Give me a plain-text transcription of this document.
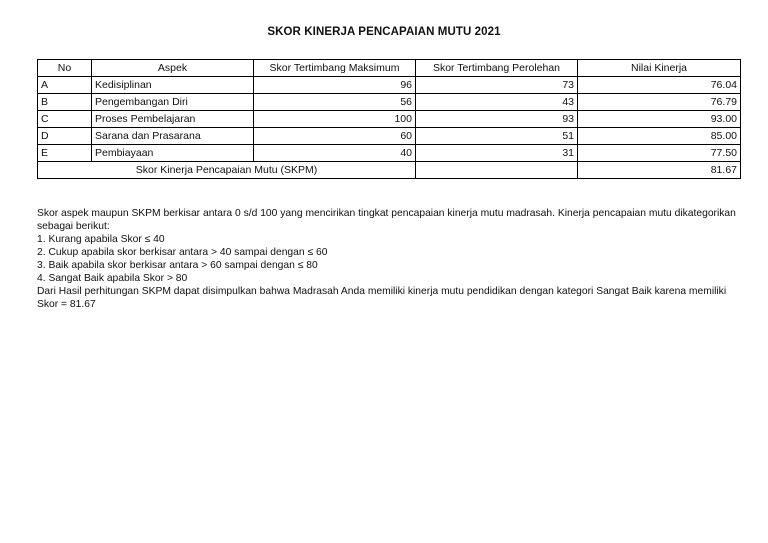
SKOR KINERJA PENCAPAIAN MUTU 2021
No	Aspek	Skor Tertimbang Maksimum	Skor Tertimbang Perolehan	Nilai Kinerja
A	Kedisiplinan	96	73	76.04
B	Pengembangan Diri	56	43	76.79
C	Proses Pembelajaran	100	93	93.00
D	Sarana dan Prasarana	60	51	85.00
E	Pembiayaan	40	31	77.50
Skor Kinerja Pencapaian Mutu (SKPM)				81.67

Skor aspek maupun SKPM berkisar antara 0 s/d 100 yang mencirikan tingkat pencapaian kinerja mutu madrasah. Kinerja pencapaian mutu dikategorikan sebagai berikut:

1. Kurang apabila Skor ≤ 40

2. Cukup apabila skor berkisar antara > 40 sampai dengan ≤ 60

3. Baik apabila skor berkisar antara > 60 sampai dengan ≤ 80

4. Sangat Baik apabila Skor > 80

Dari Hasil perhitungan SKPM dapat disimpulkan bahwa Madrasah Anda memiliki kinerja mutu pendidikan dengan kategori Sangat Baik karena memiliki Skor = 81.67
